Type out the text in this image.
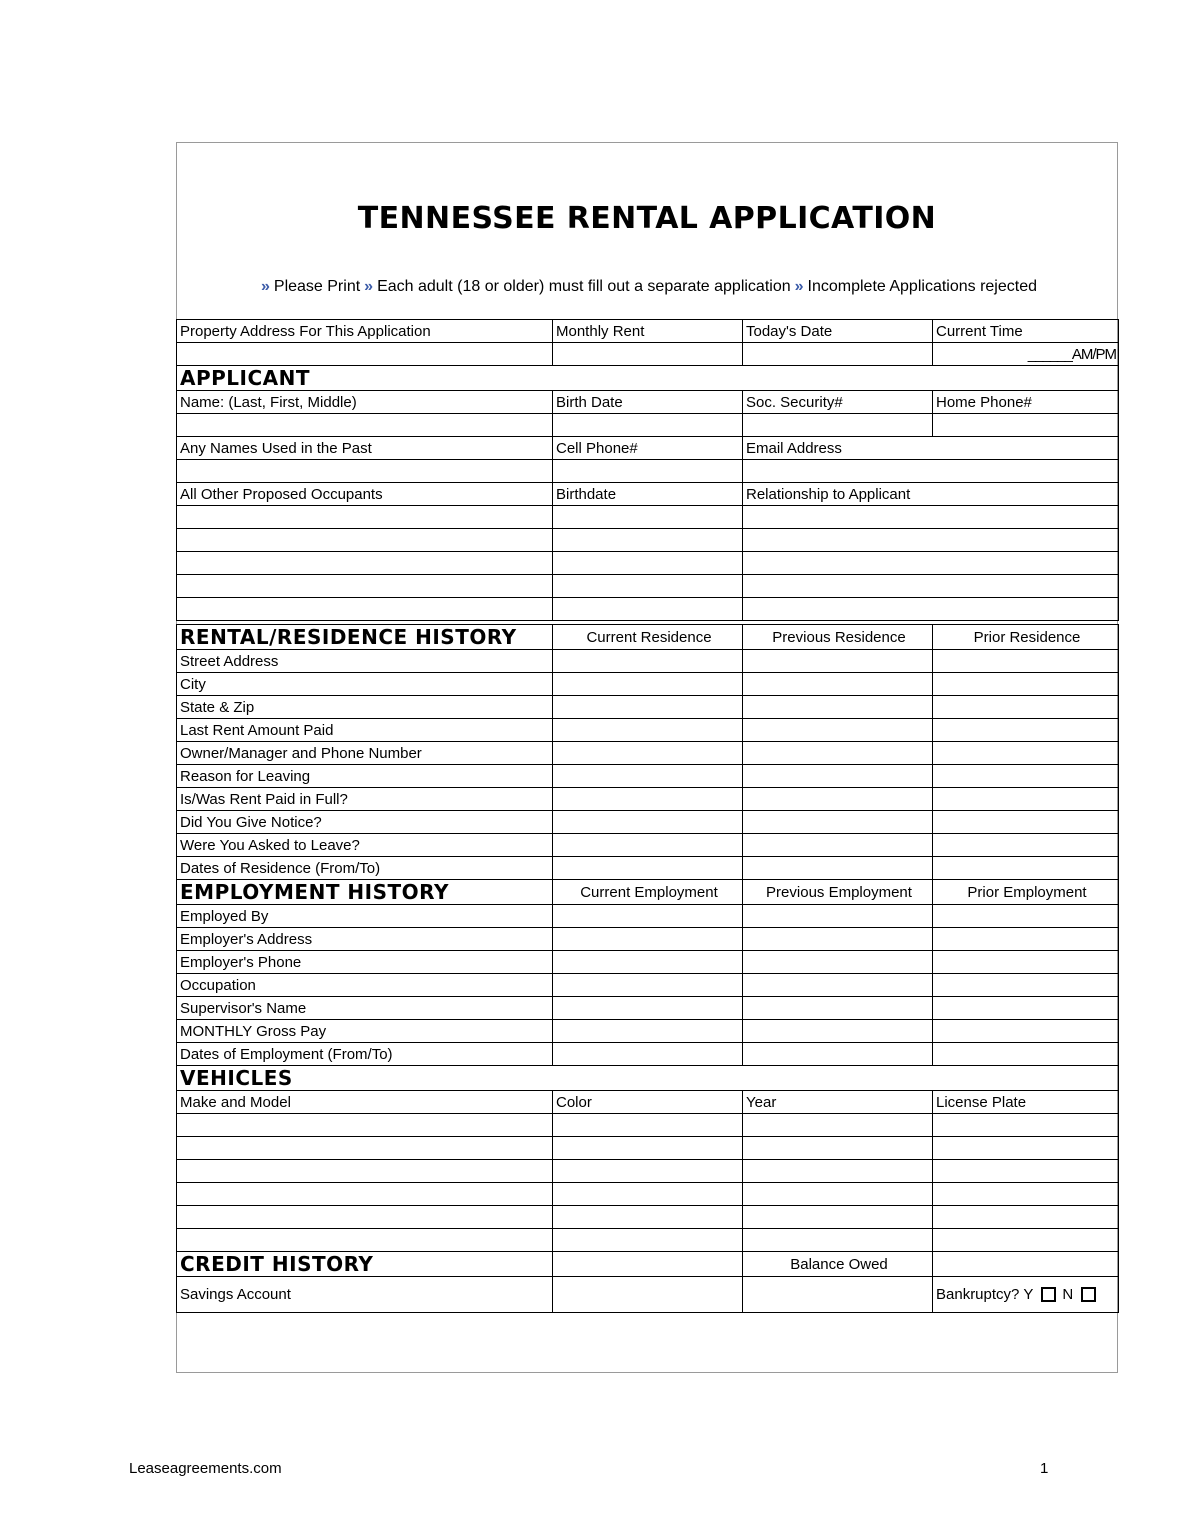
TENNESSEE RENTAL APPLICATION
» Please Print » Each adult (18 or older) must fill out a separate application » Incomplete Applications rejected
Property Address For This Application	Monthly Rent	Today's Date	Current Time

			______AM/PM

APPLICANT			
Name: (Last, First, Middle)	Birth Date	Soc. Security#	Home Phone#

Any Names Used in the Past	Cell Phone#	Email Address	

All Other Proposed Occupants	Birthdate	Relationship to Applicant	

RENTAL/RESIDENCE HISTORY	Current Residence	Previous Residence	Prior Residence
Street Address			
City			
State & Zip			
Last Rent Amount Paid			
Owner/Manager and Phone Number			
Reason for Leaving			
Is/Was Rent Paid in Full?			
Did You Give Notice?			
Were You Asked to Leave?			
Dates of Residence (From/To)			
EMPLOYMENT HISTORY	Current Employment	Previous Employment	Prior Employment
Employed By			
Employer's Address			
Employer's Phone			
Occupation			
Supervisor's Name			
MONTHLY Gross Pay			
Dates of Employment (From/To)			
VEHICLES			
Make and Model	Color	Year	License Plate

CREDIT HISTORY		Balance Owed	
Savings Account			Bankruptcy? Y N
Leaseagreements.com	1
